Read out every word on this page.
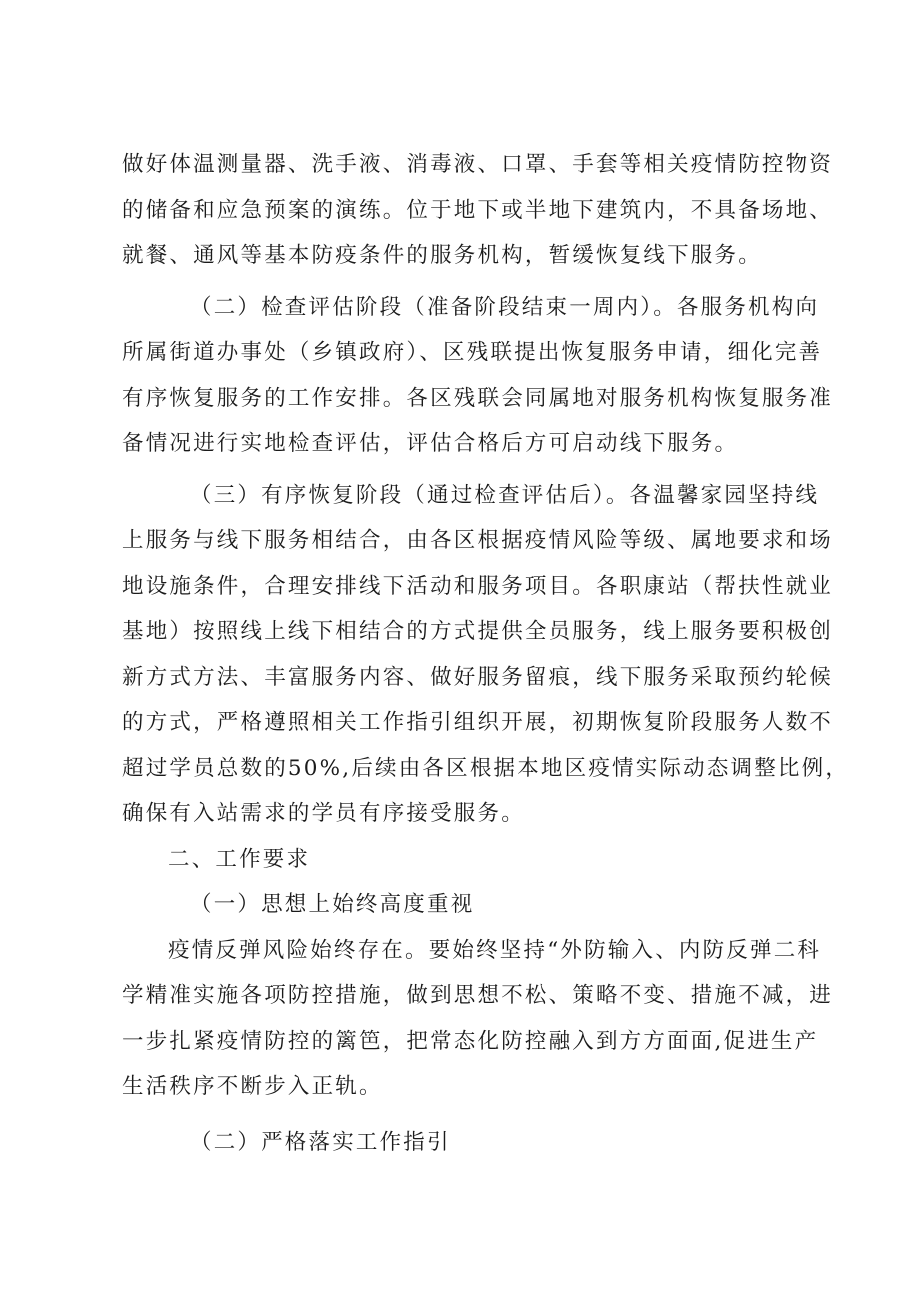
做好体温测量器、洗手液、消毒液、口罩、手套等相关疫情防控物资
的储备和应急预案的演练。位于地下或半地下建筑内，不具备场地、
就餐、通风等基本防疫条件的服务机构，暂缓恢复线下服务。

（二）检查评估阶段（准备阶段结束一周内）。各服务机构向
所属街道办事处（乡镇政府）、区残联提出恢复服务申请，细化完善
有序恢复服务的工作安排。各区残联会同属地对服务机构恢复服务准
备情况进行实地检查评估，评估合格后方可启动线下服务。

（三）有序恢复阶段（通过检查评估后）。各温馨家园坚持线
上服务与线下服务相结合，由各区根据疫情风险等级、属地要求和场
地设施条件，合理安排线下活动和服务项目。各职康站（帮扶性就业
基地）按照线上线下相结合的方式提供全员服务，线上服务要积极创
新方式方法、丰富服务内容、做好服务留痕，线下服务采取预约轮候
的方式，严格遵照相关工作指引组织开展，初期恢复阶段服务人数不
超过学员总数的50%,后续由各区根据本地区疫情实际动态调整比例，
确保有入站需求的学员有序接受服务。

二、工作要求

（一）思想上始终高度重视

疫情反弹风险始终存在。要始终坚持“外防输入、内防反弹二科
学精准实施各项防控措施，做到思想不松、策略不变、措施不减，进
一步扎紧疫情防控的篱笆，把常态化防控融入到方方面面,促进生产
生活秩序不断步入正轨。

（二）严格落实工作指引
